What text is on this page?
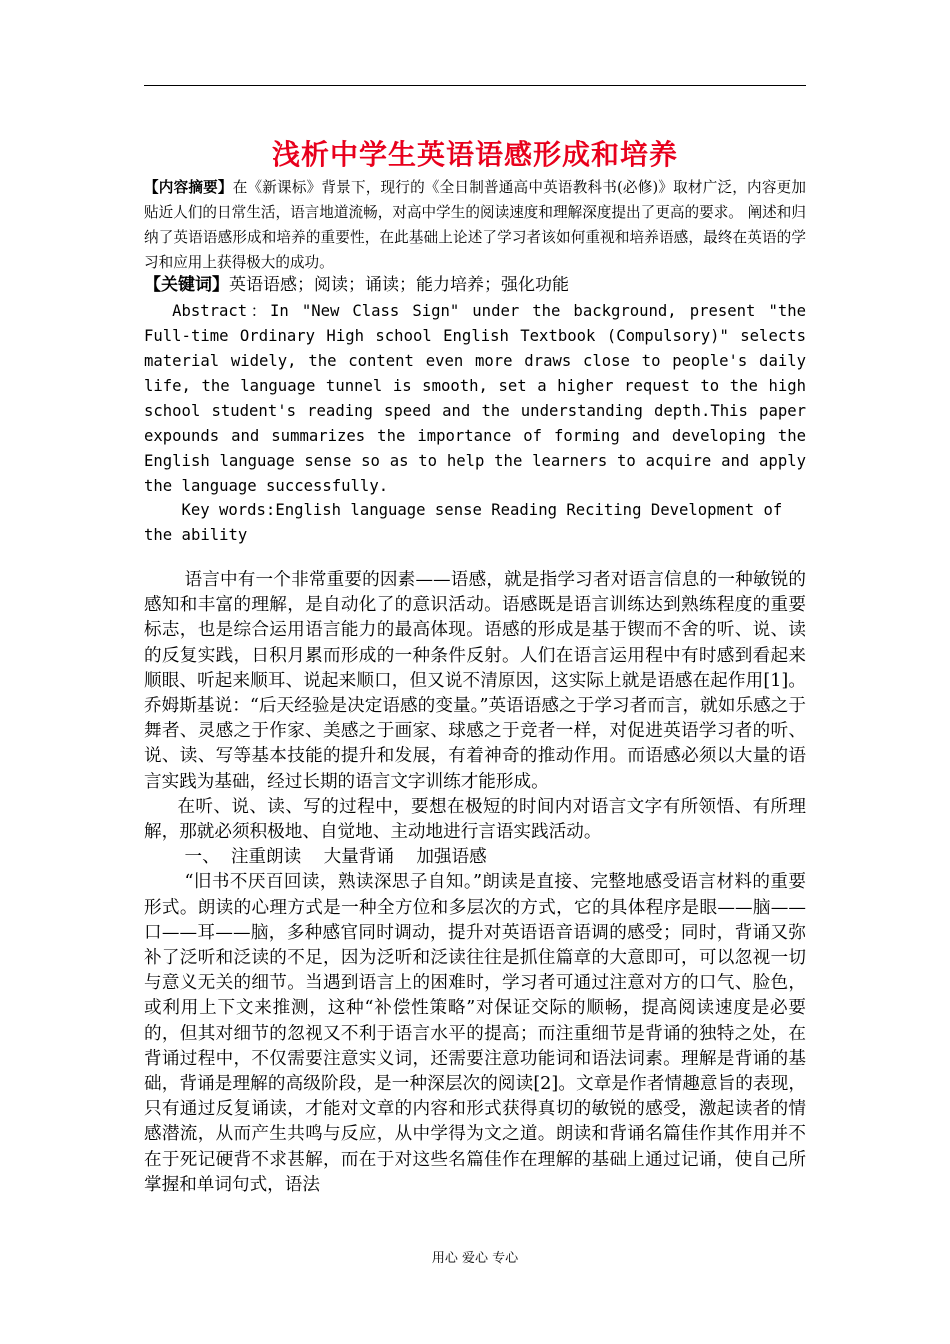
浅析中学生英语语感形成和培养

【内容摘要】在《新课标》背景下，现行的《全日制普通高中英语教科书(必修)》取材广泛，内容更加贴近人们的日常生活，语言地道流畅，对高中学生的阅读速度和理解深度提出了更高的要求。 阐述和归纳了英语语感形成和培养的重要性，在此基础上论述了学习者该如何重视和培养语感，最终在英语的学习和应用上获得极大的成功。

【关键词】英语语感；阅读；诵读；能力培养；强化功能

Abstract：In "New Class Sign" under the background, present "the Full-time Ordinary High school English Textbook (Compulsory)" selects material widely, the content even more draws close to people's daily life, the language tunnel is smooth, set a higher request to the high school student's reading speed and the understanding depth.This paper expounds and summarizes the importance of forming and developing the English language sense so as to help the learners to acquire and apply the language successfully.

Key words:English language sense Reading Reciting Development of the ability

语言中有一个非常重要的因素——语感，就是指学习者对语言信息的一种敏锐的感知和丰富的理解，是自动化了的意识活动。语感既是语言训练达到熟练程度的重要标志，也是综合运用语言能力的最高体现。语感的形成是基于锲而不舍的听、说、读的反复实践，日积月累而形成的一种条件反射。人们在语言运用程中有时感到看起来顺眼、听起来顺耳、说起来顺口，但又说不清原因，这实际上就是语感在起作用[1]。乔姆斯基说：“后天经验是决定语感的变量。”英语语感之于学习者而言，就如乐感之于舞者、灵感之于作家、美感之于画家、球感之于竞者一样，对促进英语学习者的听、说、读、写等基本技能的提升和发展，有着神奇的推动作用。而语感必须以大量的语言实践为基础，经过长期的语言文字训练才能形成。

在听、说、读、写的过程中，要想在极短的时间内对语言文字有所领悟、有所理解，那就必须积极地、自觉地、主动地进行言语实践活动。

一、  注重朗读    大量背诵    加强语感

“旧书不厌百回读，熟读深思子自知。”朗读是直接、完整地感受语言材料的重要形式。朗读的心理方式是一种全方位和多层次的方式，它的具体程序是眼——脑——口——耳——脑，多种感官同时调动，提升对英语语音语调的感受；同时，背诵又弥补了泛听和泛读的不足，因为泛听和泛读往往是抓住篇章的大意即可，可以忽视一切与意义无关的细节。当遇到语言上的困难时，学习者可通过注意对方的口气、脸色，或利用上下文来推测，这种“补偿性策略”对保证交际的顺畅，提高阅读速度是必要的，但其对细节的忽视又不利于语言水平的提高；而注重细节是背诵的独特之处，在背诵过程中，不仅需要注意实义词，还需要注意功能词和语法词素。理解是背诵的基础，背诵是理解的高级阶段，是一种深层次的阅读[2]。文章是作者情趣意旨的表现，只有通过反复诵读，才能对文章的内容和形式获得真切的敏锐的感受，激起读者的情感潜流，从而产生共鸣与反应，从中学得为文之道。朗读和背诵名篇佳作其作用并不在于死记硬背不求甚解，而在于对这些名篇佳作在理解的基础上通过记诵，使自己所掌握和单词句式，语法

用心 爱心 专心
